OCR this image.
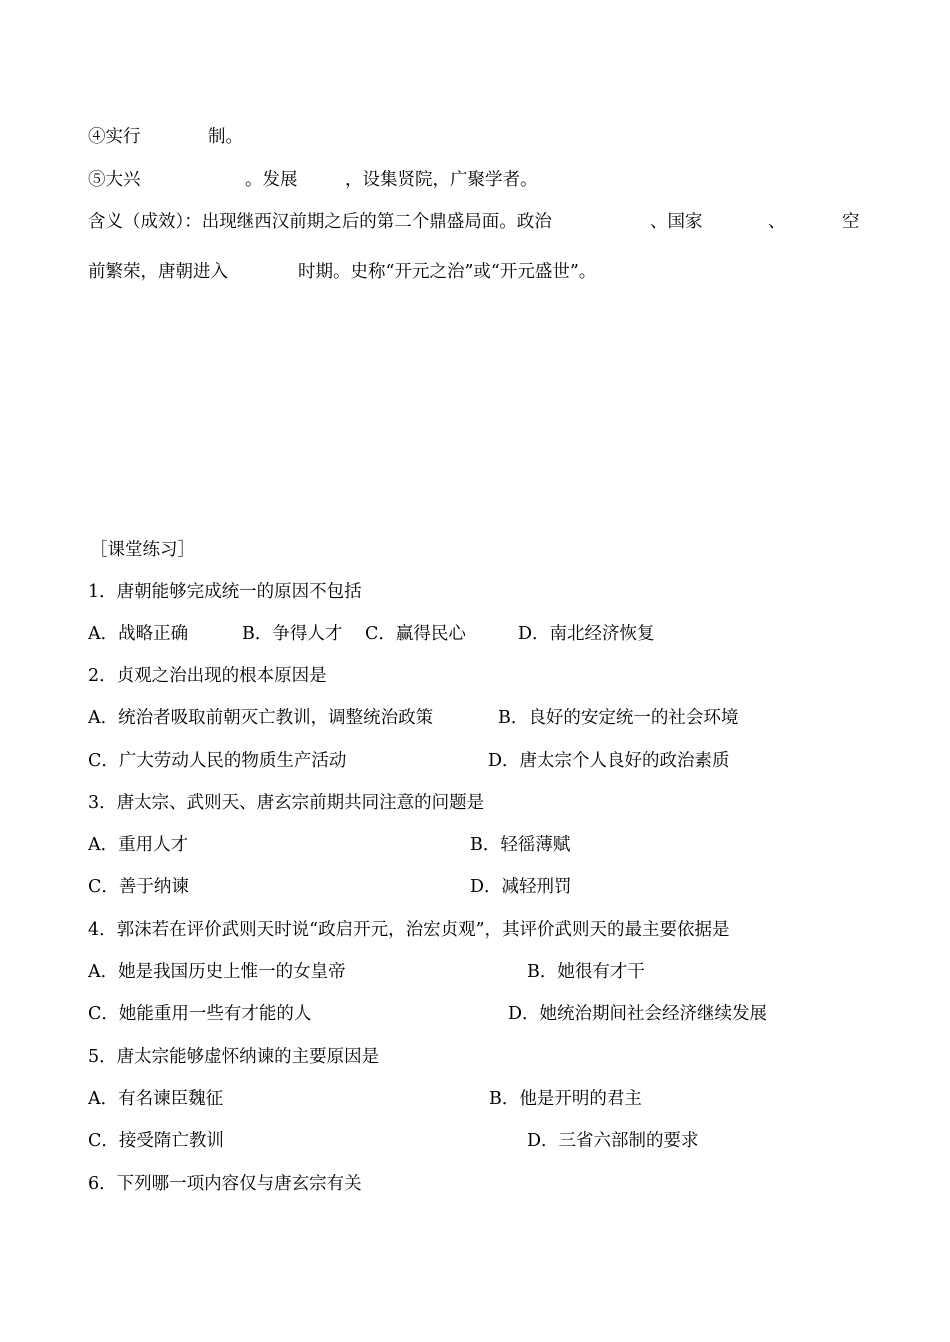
④实行	制。
⑤大兴	。发展	，设集贤院，广聚学者。
含义（成效）：出现继西汉前期之后的第二个鼎盛局面。政治	、国家	、	空
前繁荣，唐朝进入	时期。史称“开元之治”或“开元盛世”。
［课堂练习］
1．唐朝能够完成统一的原因不包括
A．战略正确	B．争得人才 C．赢得民心	D．南北经济恢复
2．贞观之治出现的根本原因是
A．统治者吸取前朝灭亡教训，调整统治政策	B．良好的安定统一的社会环境
C．广大劳动人民的物质生产活动	D．唐太宗个人良好的政治素质
3．唐太宗、武则天、唐玄宗前期共同注意的问题是
A．重用人才	B．轻徭薄赋
C．善于纳谏	D．减轻刑罚
4．郭沫若在评价武则天时说“政启开元，治宏贞观”，其评价武则天的最主要依据是
A．她是我国历史上惟一的女皇帝	B．她很有才干
C．她能重用一些有才能的人	D．她统治期间社会经济继续发展
5．唐太宗能够虚怀纳谏的主要原因是
A．有名谏臣魏征	B．他是开明的君主
C．接受隋亡教训	D．三省六部制的要求
6．下列哪一项内容仅与唐玄宗有关
